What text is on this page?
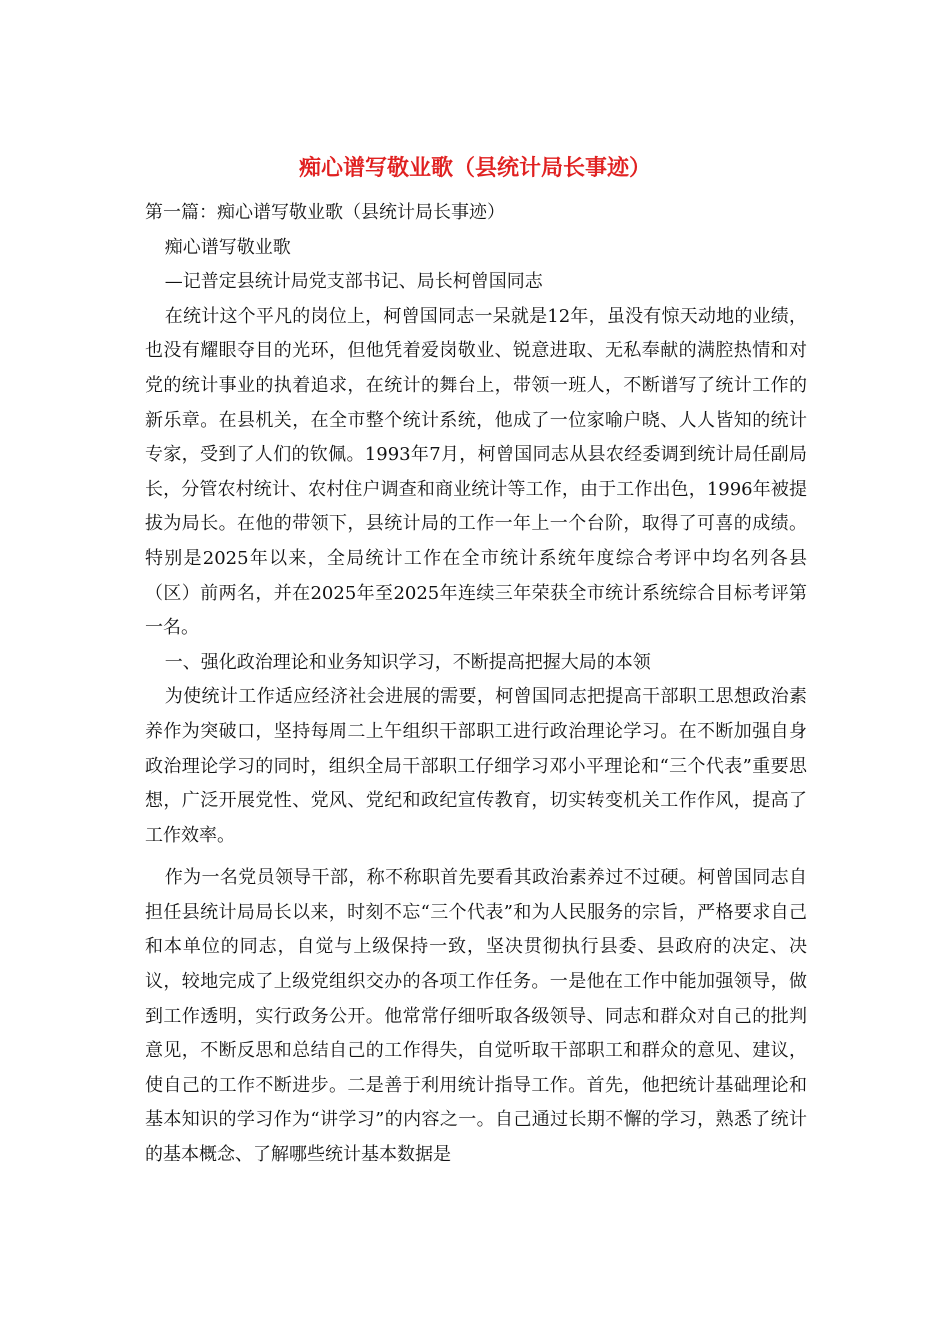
痴心谱写敬业歌（县统计局长事迹）

第一篇：痴心谱写敬业歌（县统计局长事迹）

痴心谱写敬业歌

—记普定县统计局党支部书记、局长柯曾国同志

在统计这个平凡的岗位上，柯曾国同志一呆就是12年，虽没有惊天动地的业绩，也没有耀眼夺目的光环，但他凭着爱岗敬业、锐意进取、无私奉献的满腔热情和对党的统计事业的执着追求，在统计的舞台上，带领一班人，不断谱写了统计工作的新乐章。在县机关，在全市整个统计系统，他成了一位家喻户晓、人人皆知的统计专家，受到了人们的钦佩。1993年7月，柯曾国同志从县农经委调到统计局任副局长，分管农村统计、农村住户调查和商业统计等工作，由于工作出色，1996年被提拔为局长。在他的带领下，县统计局的工作一年上一个台阶，取得了可喜的成绩。特别是2025年以来，全局统计工作在全市统计系统年度综合考评中均名列各县（区）前两名，并在2025年至2025年连续三年荣获全市统计系统综合目标考评第一名。

一、强化政治理论和业务知识学习，不断提高把握大局的本领

为使统计工作适应经济社会进展的需要，柯曾国同志把提高干部职工思想政治素养作为突破口，坚持每周二上午组织干部职工进行政治理论学习。在不断加强自身政治理论学习的同时，组织全局干部职工仔细学习邓小平理论和“三个代表”重要思想，广泛开展党性、党风、党纪和政纪宣传教育，切实转变机关工作作风，提高了工作效率。

作为一名党员领导干部，称不称职首先要看其政治素养过不过硬。柯曾国同志自担任县统计局局长以来，时刻不忘“三个代表”和为人民服务的宗旨，严格要求自己和本单位的同志，自觉与上级保持一致，坚决贯彻执行县委、县政府的决定、决议，较地完成了上级党组织交办的各项工作任务。一是他在工作中能加强领导，做到工作透明，实行政务公开。他常常仔细听取各级领导、同志和群众对自己的批判意见，不断反思和总结自己的工作得失，自觉听取干部职工和群众的意见、建议，使自己的工作不断进步。二是善于利用统计指导工作。首先，他把统计基础理论和基本知识的学习作为“讲学习”的内容之一。自己通过长期不懈的学习，熟悉了统计的基本概念、了解哪些统计基本数据是
